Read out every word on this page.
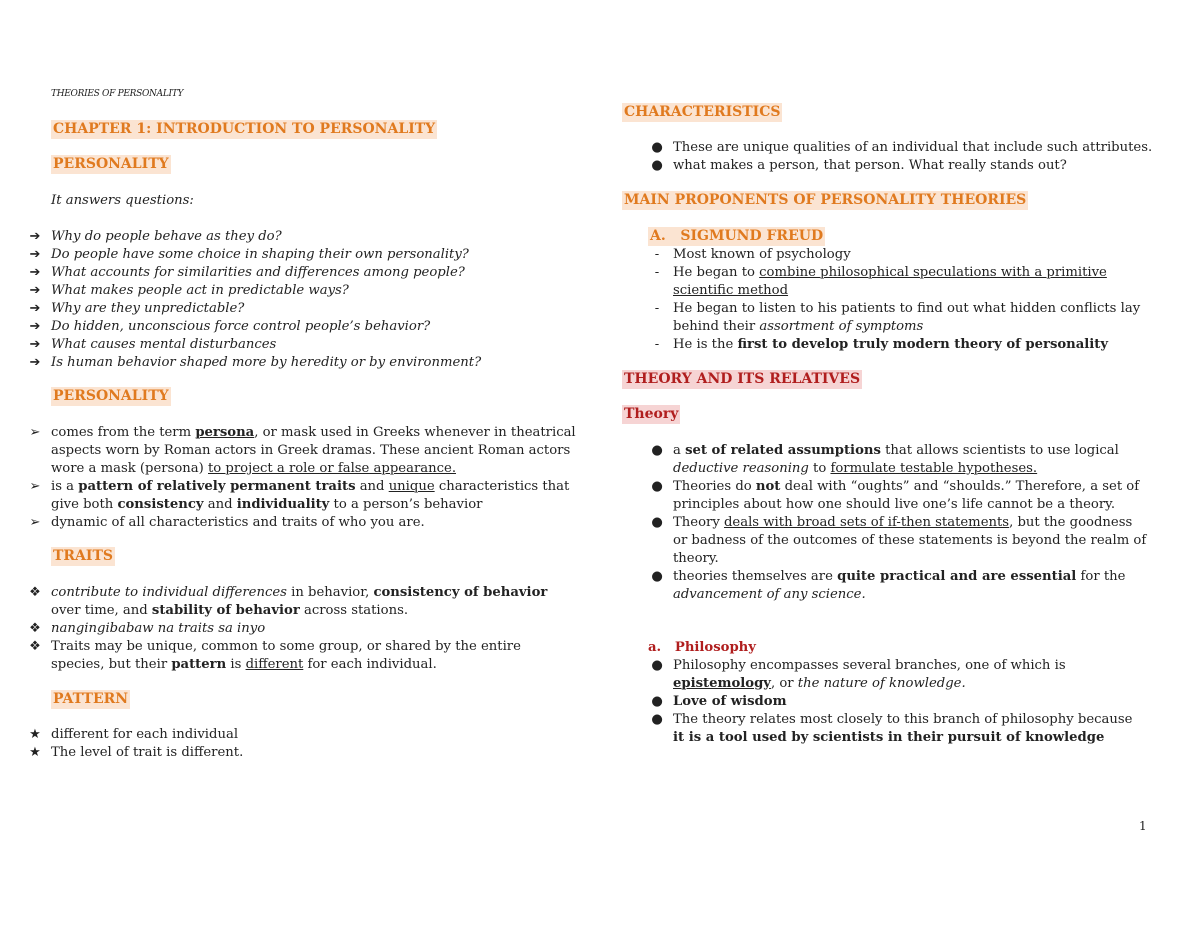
THEORIES OF PERSONALITY
CHAPTER 1: INTRODUCTION TO PERSONALITY
PERSONALITY
It answers questions:
➔ Why do people behave as they do?
➔ Do people have some choice in shaping their own personality?
➔ What accounts for similarities and differences among people?
➔ What makes people act in predictable ways?
➔ Why are they unpredictable?
➔ Do hidden, unconscious force control people’s behavior?
➔ What causes mental disturbances
➔ Is human behavior shaped more by heredity or by environment?
PERSONALITY
➢ comes from the term persona, or mask used in Greeks whenever in theatrical aspects worn by Roman actors in Greek dramas. These ancient Roman actors wore a mask (persona) to project a role or false appearance.
➢ is a pattern of relatively permanent traits and unique characteristics that give both consistency and individuality to a person’s behavior
➢ dynamic of all characteristics and traits of who you are.
TRAITS
❖ contribute to individual differences in behavior, consistency of behavior over time, and stability of behavior across stations.
❖ nangingibabaw na traits sa inyo
❖ Traits may be unique, common to some group, or shared by the entire species, but their pattern is different for each individual.
PATTERN
★ different for each individual
★ The level of trait is different.
CHARACTERISTICS
● These are unique qualities of an individual that include such attributes.
● what makes a person, that person. What really stands out?
MAIN PROPONENTS OF PERSONALITY THEORIES
A.   SIGMUND FREUD
-	Most known of psychology
-	He began to combine philosophical speculations with a primitive scientific method
-	He began to listen to his patients to find out what hidden conflicts lay behind their assortment of symptoms
-	He is the first to develop truly modern theory of personality
THEORY AND ITS RELATIVES
Theory
● a set of related assumptions that allows scientists to use logical deductive reasoning to formulate testable hypotheses.
● Theories do not deal with “oughts” and “shoulds.” Therefore, a set of principles about how one should live one’s life cannot be a theory.
● Theory deals with broad sets of if-then statements, but the goodness or badness of the outcomes of these statements is beyond the realm of theory.
● theories themselves are quite practical and are essential for the advancement of any science.
a.   Philosophy
● Philosophy encompasses several branches, one of which is epistemology, or the nature of knowledge.
● Love of wisdom
● The theory relates most closely to this branch of philosophy because it is a tool used by scientists in their pursuit of knowledge
1
